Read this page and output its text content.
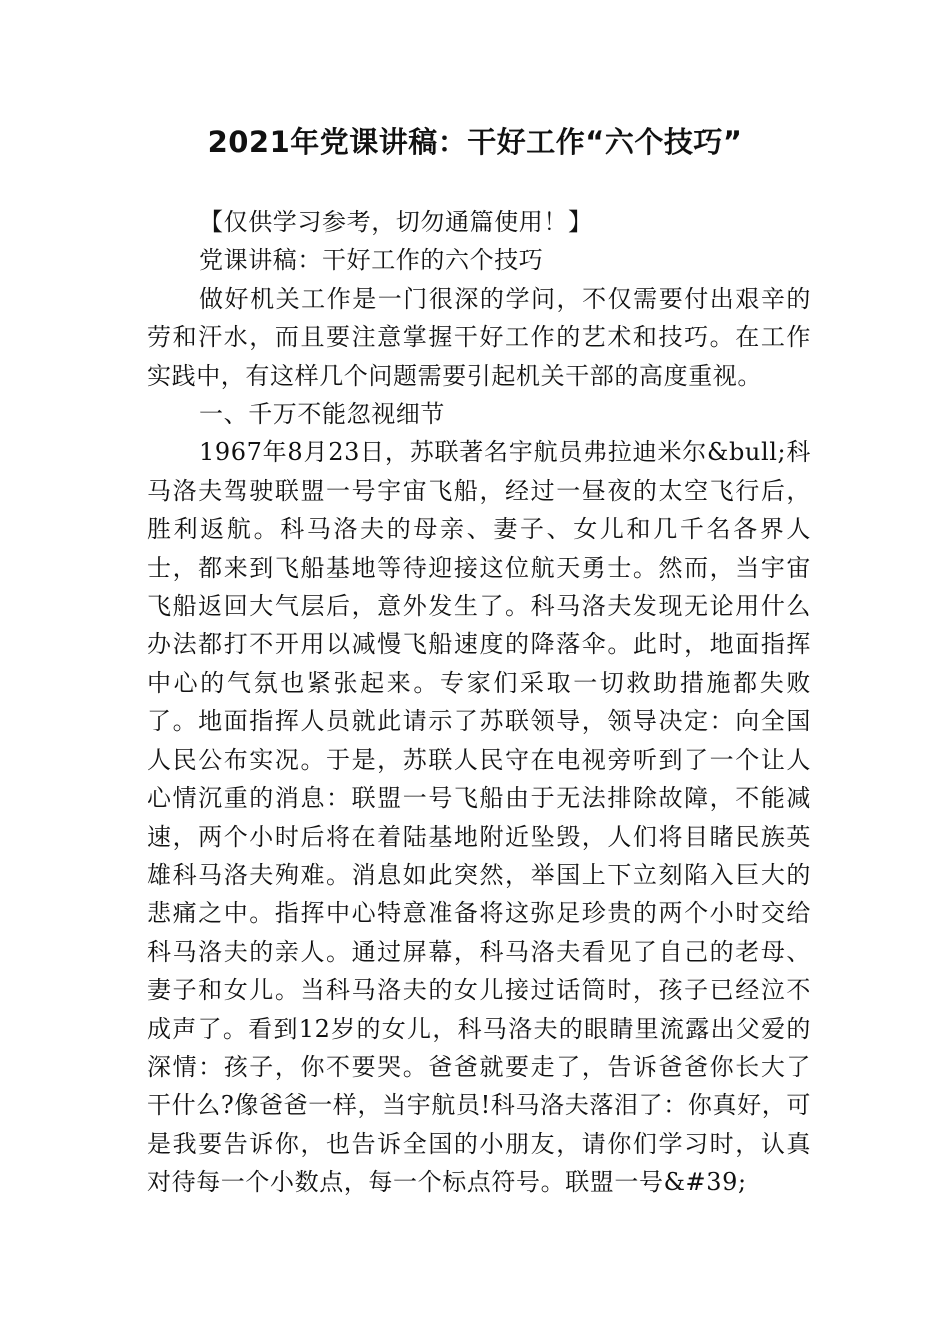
2021年党课讲稿：干好工作“六个技巧”

【仅供学习参考，切勿通篇使用！】

党课讲稿：干好工作的六个技巧

做好机关工作是一门很深的学问，不仅需要付出艰辛的劳和汗水，而且要注意掌握干好工作的艺术和技巧。在工作实践中，有这样几个问题需要引起机关干部的高度重视。

一、千万不能忽视细节

1967年8月23日，苏联著名宇航员弗拉迪米尔&bull;科马洛夫驾驶联盟一号宇宙飞船，经过一昼夜的太空飞行后，胜利返航。科马洛夫的母亲、妻子、女儿和几千名各界人士，都来到飞船基地等待迎接这位航天勇士。然而，当宇宙飞船返回大气层后，意外发生了。科马洛夫发现无论用什么办法都打不开用以减慢飞船速度的降落伞。此时，地面指挥中心的气氛也紧张起来。专家们采取一切救助措施都失败了。地面指挥人员就此请示了苏联领导，领导决定：向全国人民公布实况。于是，苏联人民守在电视旁听到了一个让人心情沉重的消息：联盟一号飞船由于无法排除故障，不能减速，两个小时后将在着陆基地附近坠毁，人们将目睹民族英雄科马洛夫殉难。消息如此突然，举国上下立刻陷入巨大的悲痛之中。指挥中心特意准备将这弥足珍贵的两个小时交给科马洛夫的亲人。通过屏幕，科马洛夫看见了自己的老母、妻子和女儿。当科马洛夫的女儿接过话筒时，孩子已经泣不成声了。看到12岁的女儿，科马洛夫的眼睛里流露出父爱的深情：孩子，你不要哭。爸爸就要走了，告诉爸爸你长大了干什么?像爸爸一样，当宇航员!科马洛夫落泪了：你真好，可是我要告诉你，也告诉全国的小朋友，请你们学习时，认真对待每一个小数点，每一个标点符号。联盟一号&#39;
